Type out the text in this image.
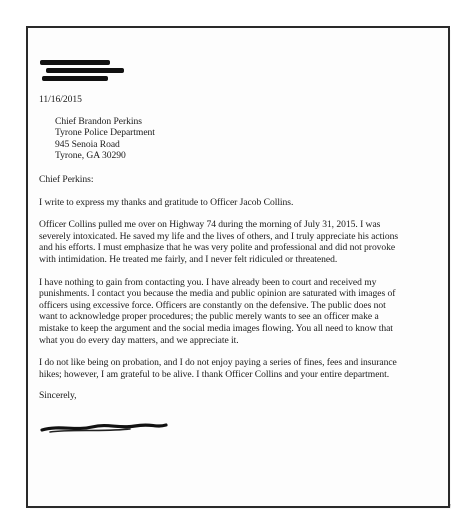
11/16/2015
Chief Brandon Perkins
Tyrone Police Department
945 Senoia Road
Tyrone, GA 30290
Chief Perkins:
I write to express my thanks and gratitude to Officer Jacob Collins.
Officer Collins pulled me over on Highway 74 during the morning of July 31, 2015. I was
severely intoxicated. He saved my life and the lives of others, and I truly appreciate his actions
and his efforts. I must emphasize that he was very polite and professional and did not provoke
with intimidation. He treated me fairly, and I never felt ridiculed or threatened.
I have nothing to gain from contacting you. I have already been to court and received my
punishments. I contact you because the media and public opinion are saturated with images of
officers using excessive force. Officers are constantly on the defensive. The public does not
want to acknowledge proper procedures; the public merely wants to see an officer make a
mistake to keep the argument and the social media images flowing. You all need to know that
what you do every day matters, and we appreciate it.
I do not like being on probation, and I do not enjoy paying a series of fines, fees and insurance
hikes; however, I am grateful to be alive. I thank Officer Collins and your entire department.
Sincerely,
